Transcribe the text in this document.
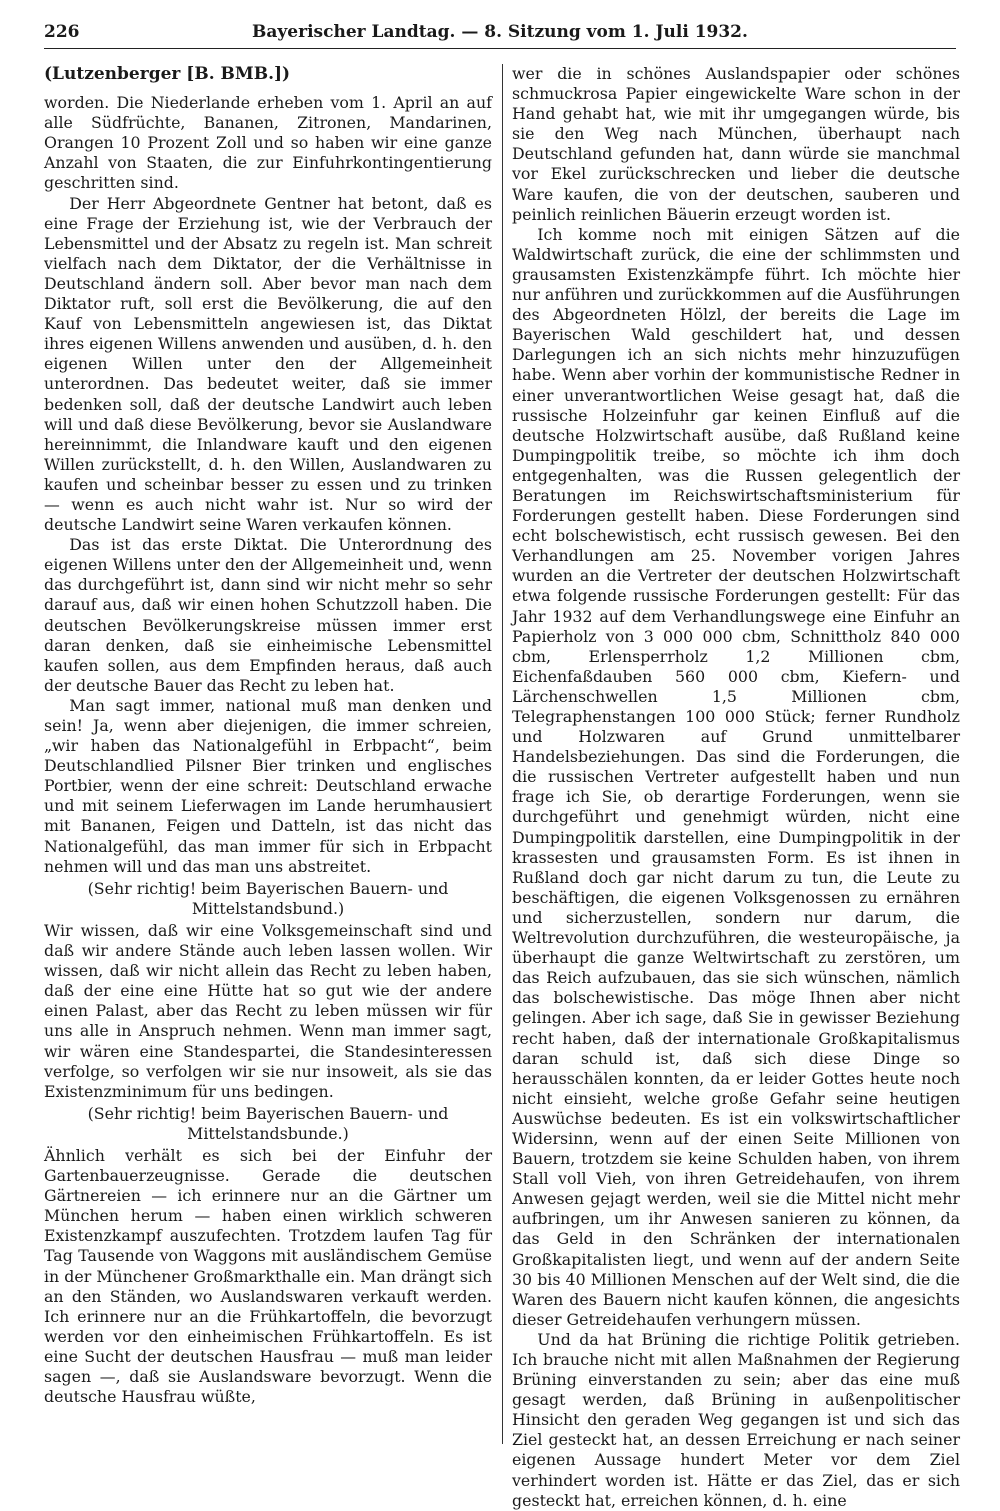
226	Bayerischer Landtag. — 8. Sitzung vom 1. Juli 1932.
(Lutzenberger [B. BMB.])

worden. Die Niederlande erheben vom 1. April an auf alle Südfrüchte, Bananen, Zitronen, Mandarinen, Orangen 10 Prozent Zoll und so haben wir eine ganze Anzahl von Staaten, die zur Einfuhrkontingentierung geschritten sind.

Der Herr Abgeordnete Gentner hat betont, daß es eine Frage der Erziehung ist, wie der Verbrauch der Lebensmittel und der Absatz zu regeln ist. Man schreit vielfach nach dem Diktator, der die Verhältnisse in Deutschland ändern soll. Aber bevor man nach dem Diktator ruft, soll erst die Bevölkerung, die auf den Kauf von Lebensmitteln angewiesen ist, das Diktat ihres eigenen Willens anwenden und ausüben, d. h. den eigenen Willen unter den der Allgemeinheit unterordnen. Das bedeutet weiter, daß sie immer bedenken soll, daß der deutsche Landwirt auch leben will und daß diese Bevölkerung, bevor sie Auslandware hereinnimmt, die Inlandware kauft und den eigenen Willen zurückstellt, d. h. den Willen, Auslandwaren zu kaufen und scheinbar besser zu essen und zu trinken — wenn es auch nicht wahr ist. Nur so wird der deutsche Landwirt seine Waren verkaufen können.

Das ist das erste Diktat. Die Unterordnung des eigenen Willens unter den der Allgemeinheit und, wenn das durchgeführt ist, dann sind wir nicht mehr so sehr darauf aus, daß wir einen hohen Schutzzoll haben. Die deutschen Bevölkerungskreise müssen immer erst daran denken, daß sie einheimische Lebensmittel kaufen sollen, aus dem Empfinden heraus, daß auch der deutsche Bauer das Recht zu leben hat.

Man sagt immer, national muß man denken und sein! Ja, wenn aber diejenigen, die immer schreien, „wir haben das Nationalgefühl in Erbpacht“, beim Deutschlandlied Pilsner Bier trinken und englisches Portbier, wenn der eine schreit: Deutschland erwache und mit seinem Lieferwagen im Lande herumhausiert mit Bananen, Feigen und Datteln, ist das nicht das Nationalgefühl, das man immer für sich in Erbpacht nehmen will und das man uns abstreitet.

(Sehr richtig! beim Bayerischen Bauern- und
Mittelstandsbund.)

Wir wissen, daß wir eine Volksgemeinschaft sind und daß wir andere Stände auch leben lassen wollen. Wir wissen, daß wir nicht allein das Recht zu leben haben, daß der eine eine Hütte hat so gut wie der andere einen Palast, aber das Recht zu leben müssen wir für uns alle in Anspruch nehmen. Wenn man immer sagt, wir wären eine Standespartei, die Standesinteressen verfolge, so verfolgen wir sie nur insoweit, als sie das Existenzminimum für uns bedingen.

(Sehr richtig! beim Bayerischen Bauern- und
Mittelstandsbunde.)

Ähnlich verhält es sich bei der Einfuhr der Gartenbauerzeugnisse. Gerade die deutschen Gärtnereien — ich erinnere nur an die Gärtner um München herum — haben einen wirklich schweren Existenzkampf auszufechten. Trotzdem laufen Tag für Tag Tausende von Waggons mit ausländischem Gemüse in der Münchener Großmarkthalle ein. Man drängt sich an den Ständen, wo Auslandswaren verkauft werden. Ich erinnere nur an die Frühkartoffeln, die bevorzugt werden vor den einheimischen Frühkartoffeln. Es ist eine Sucht der deutschen Hausfrau — muß man leider sagen —, daß sie Auslandsware bevorzugt. Wenn die deutsche Hausfrau wüßte,

wer die in schönes Auslandspapier oder schönes schmuckrosa Papier eingewickelte Ware schon in der Hand gehabt hat, wie mit ihr umgegangen würde, bis sie den Weg nach München, überhaupt nach Deutschland gefunden hat, dann würde sie manchmal vor Ekel zurückschrecken und lieber die deutsche Ware kaufen, die von der deutschen, sauberen und peinlich reinlichen Bäuerin erzeugt worden ist.

Ich komme noch mit einigen Sätzen auf die Waldwirtschaft zurück, die eine der schlimmsten und grausamsten Existenzkämpfe führt. Ich möchte hier nur anführen und zurückkommen auf die Ausführungen des Abgeordneten Hölzl, der bereits die Lage im Bayerischen Wald geschildert hat, und dessen Darlegungen ich an sich nichts mehr hinzuzufügen habe. Wenn aber vorhin der kommunistische Redner in einer unverantwortlichen Weise gesagt hat, daß die russische Holzeinfuhr gar keinen Einfluß auf die deutsche Holzwirtschaft ausübe, daß Rußland keine Dumpingpolitik treibe, so möchte ich ihm doch entgegenhalten, was die Russen gelegentlich der Beratungen im Reichswirtschaftsministerium für Forderungen gestellt haben. Diese Forderungen sind echt bolschewistisch, echt russisch gewesen. Bei den Verhandlungen am 25. November vorigen Jahres wurden an die Vertreter der deutschen Holzwirtschaft etwa folgende russische Forderungen gestellt: Für das Jahr 1932 auf dem Verhandlungswege eine Einfuhr an Papierholz von 3 000 000 cbm, Schnittholz 840 000 cbm, Erlensperrholz 1,2 Millionen cbm, Eichenfaßdauben 560 000 cbm, Kiefern- und Lärchenschwellen 1,5 Millionen cbm, Telegraphenstangen 100 000 Stück; ferner Rundholz und Holzwaren auf Grund unmittelbarer Handelsbeziehungen. Das sind die Forderungen, die die russischen Vertreter aufgestellt haben und nun frage ich Sie, ob derartige Forderungen, wenn sie durchgeführt und genehmigt würden, nicht eine Dumpingpolitik darstellen, eine Dumpingpolitik in der krassesten und grausamsten Form. Es ist ihnen in Rußland doch gar nicht darum zu tun, die Leute zu beschäftigen, die eigenen Volksgenossen zu ernähren und sicherzustellen, sondern nur darum, die Weltrevolution durchzuführen, die westeuropäische, ja überhaupt die ganze Weltwirtschaft zu zerstören, um das Reich aufzubauen, das sie sich wünschen, nämlich das bolschewistische. Das möge Ihnen aber nicht gelingen. Aber ich sage, daß Sie in gewisser Beziehung recht haben, daß der internationale Großkapitalismus daran schuld ist, daß sich diese Dinge so herausschälen konnten, da er leider Gottes heute noch nicht einsieht, welche große Gefahr seine heutigen Auswüchse bedeuten. Es ist ein volkswirtschaftlicher Widersinn, wenn auf der einen Seite Millionen von Bauern, trotzdem sie keine Schulden haben, von ihrem Stall voll Vieh, von ihren Getreidehaufen, von ihrem Anwesen gejagt werden, weil sie die Mittel nicht mehr aufbringen, um ihr Anwesen sanieren zu können, da das Geld in den Schränken der internationalen Großkapitalisten liegt, und wenn auf der andern Seite 30 bis 40 Millionen Menschen auf der Welt sind, die die Waren des Bauern nicht kaufen können, die angesichts dieser Getreidehaufen verhungern müssen.

Und da hat Brüning die richtige Politik getrieben. Ich brauche nicht mit allen Maßnahmen der Regierung Brüning einverstanden zu sein; aber das eine muß gesagt werden, daß Brüning in außenpolitischer Hinsicht den geraden Weg gegangen ist und sich das Ziel gesteckt hat, an dessen Erreichung er nach seiner eigenen Aussage hundert Meter vor dem Ziel verhindert worden ist. Hätte er das Ziel, das er sich gesteckt hat, erreichen können, d. h. eine
